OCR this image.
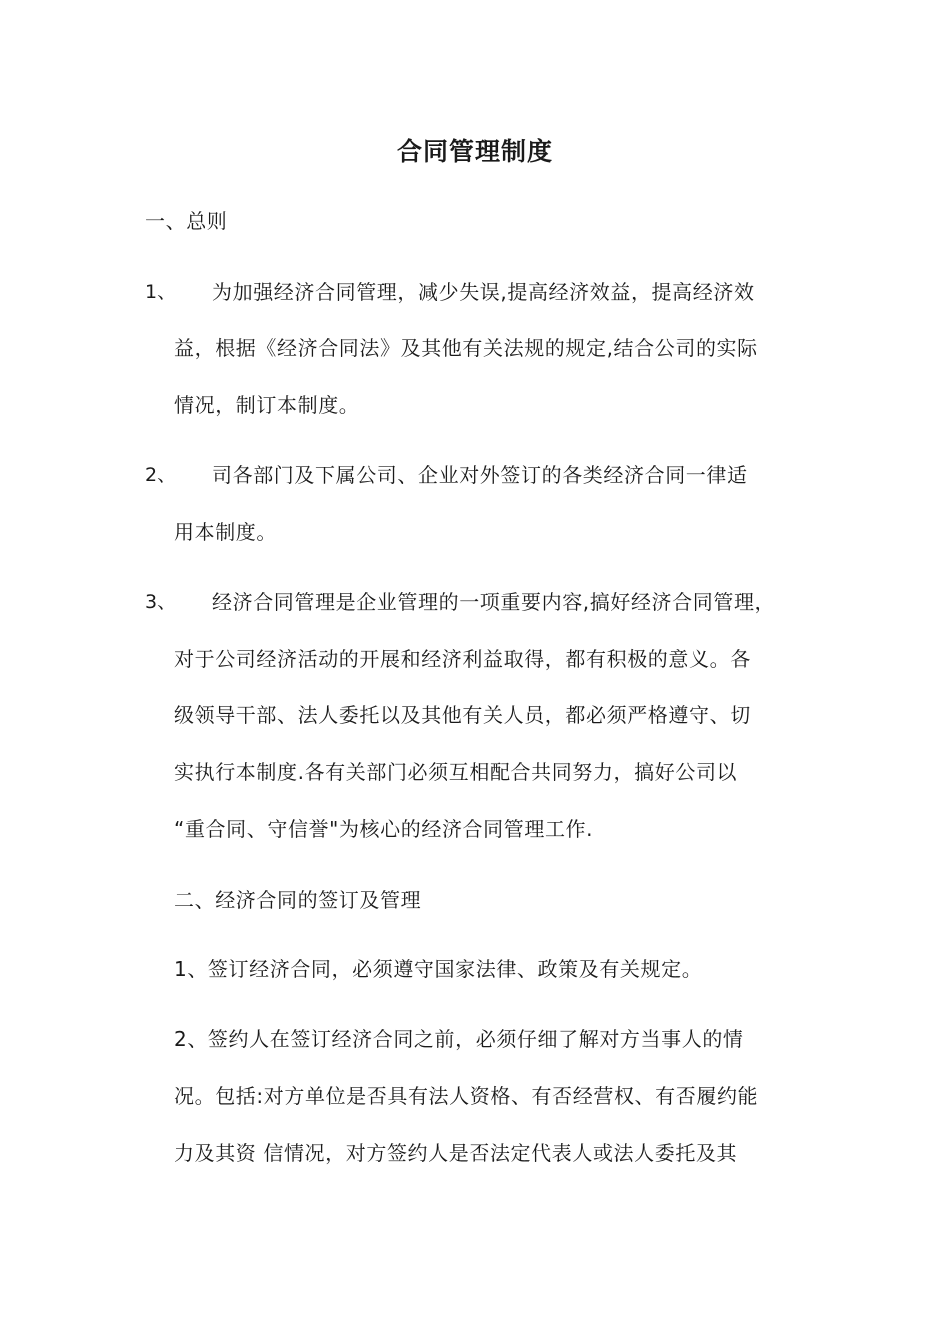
合同管理制度
一、总则
1、 为加强经济合同管理，减少失误,提高经济效益，提高经济效
益，根据《经济合同法》及其他有关法规的规定,结合公司的实际
情况，制订本制度。
2、 司各部门及下属公司、企业对外签订的各类经济合同一律适
用本制度。
3、 经济合同管理是企业管理的一项重要内容,搞好经济合同管理，
对于公司经济活动的开展和经济利益取得，都有积极的意义。各
级领导干部、法人委托以及其他有关人员，都必须严格遵守、切
实执行本制度.各有关部门必须互相配合共同努力，搞好公司以
“重合同、守信誉"为核心的经济合同管理工作.
二、经济合同的签订及管理
1、签订经济合同，必须遵守国家法律、政策及有关规定。
2、签约人在签订经济合同之前，必须仔细了解对方当事人的情
况。包括:对方单位是否具有法人资格、有否经营权、有否履约能
力及其资 信情况，对方签约人是否法定代表人或法人委托及其
